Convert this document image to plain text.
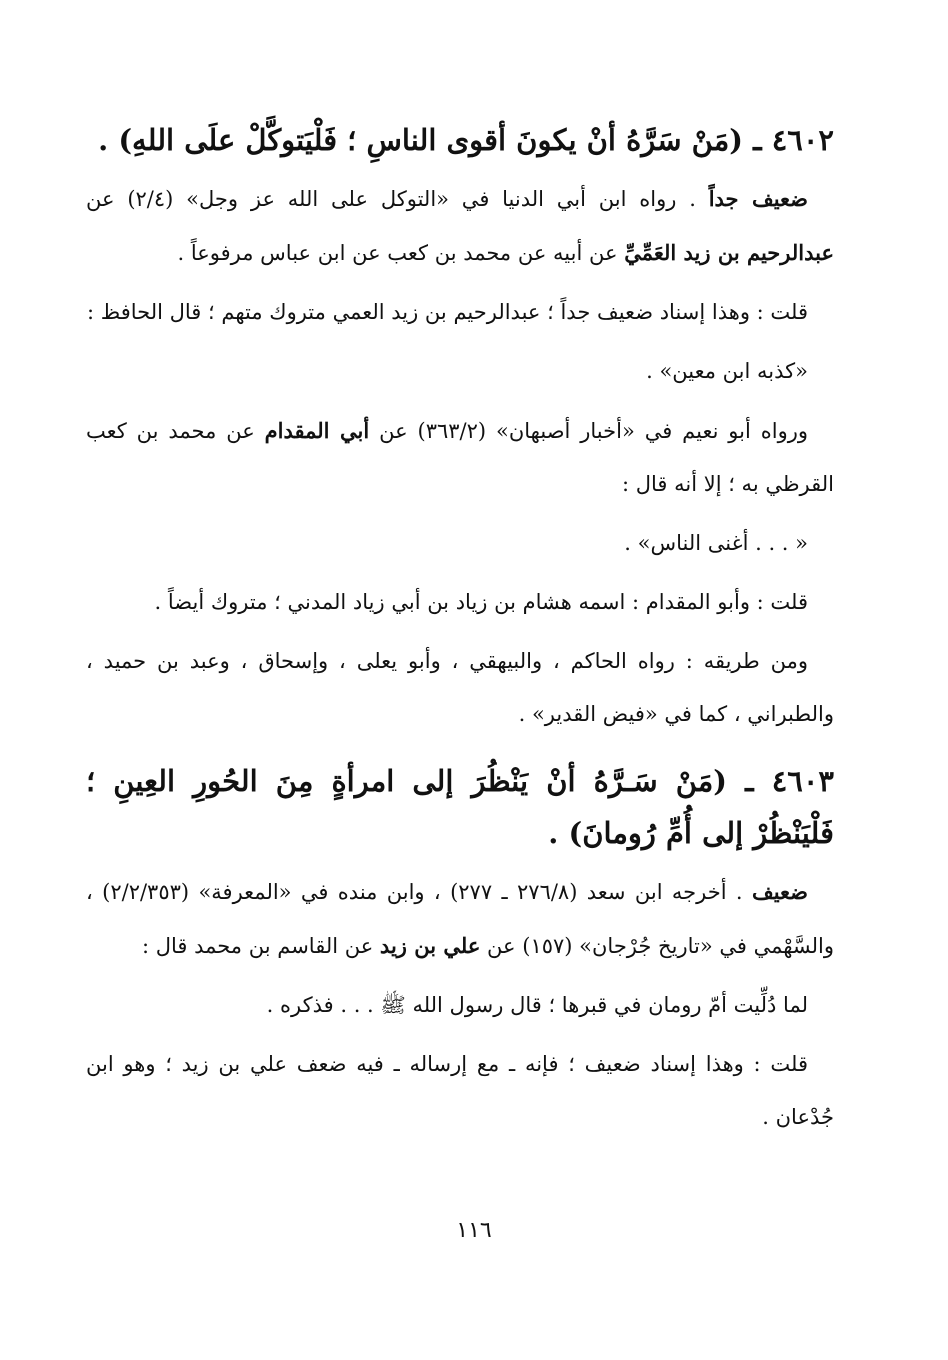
٤٦٠٢ ـ (مَنْ سَرَّهُ أنْ يكونَ أقوى الناسِ ؛ فَلْيَتوكَّلْ علَى اللهِ) .
ضعيف جداً . رواه ابن أبي الدنيا في «التوكل على الله عز وجل» (٢/٤) عن عبدالرحيم بن زيد العَمِّيِّ عن أبيه عن محمد بن كعب عن ابن عباس مرفوعاً .
قلت : وهذا إسناد ضعيف جداً ؛ عبدالرحيم بن زيد العمي متروك متهم ؛ قال الحافظ :
«كذبه ابن معين» .
ورواه أبو نعيم في «أخبار أصبهان» (٣٦٣/٢) عن أبي المقدام عن محمد بن كعب القرظي به ؛ إلا أنه قال :
« . . . أغنى الناس» .
قلت : وأبو المقدام : اسمه هشام بن زياد بن أبي زياد المدني ؛ متروك أيضاً .
ومن طريقه : رواه الحاكم ، والبيهقي ، وأبو يعلى ، وإسحاق ، وعبد بن حميد ، والطبراني ، كما في «فيض القدير» .
٤٦٠٣ ـ (مَنْ سَـرَّهُ أنْ يَنْظُرَ إلى امرأةٍ مِنَ الحُورِ العِينِ ؛ فَلْيَنْظُرْ إلى أُمِّ رُومانَ) .
ضعيف . أخرجه ابن سعد (٢٧٦/٨ ـ ٢٧٧) ، وابن منده في «المعرفة» (٢/٢/٣٥٣) ، والسَّهْمي في «تاريخ جُرْجان» (١٥٧) عن علي بن زيد عن القاسم بن محمد قال :
لما دُلِّيت أمّ رومان في قبرها ؛ قال رسول الله ﷺ . . . فذكره .
قلت : وهذا إسناد ضعيف ؛ فإنه ـ مع إرساله ـ فيه ضعف علي بن زيد ؛ وهو ابن جُدْعان .
١١٦
